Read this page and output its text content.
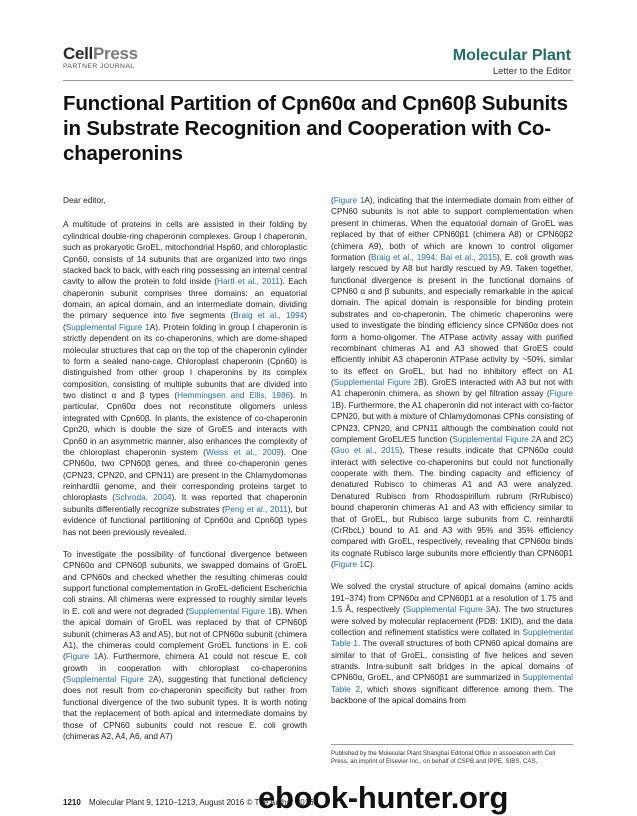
CellPress
PARTNER JOURNAL
Molecular Plant
Letter to the Editor
Functional Partition of Cpn60α and Cpn60β Subunits in Substrate Recognition and Cooperation with Co-chaperonins

Dear editor,

A multitude of proteins in cells are assisted in their folding by cylindrical double-ring chaperonin complexes. Group I chaperonin, such as prokaryotic GroEL, mitochondrial Hsp60, and chloroplastic Cpn60, consists of 14 subunits that are organized into two rings stacked back to back, with each ring possessing an internal central cavity to allow the protein to fold inside (Hartl et al., 2011). Each chaperonin subunit comprises three domains: an equatorial domain, an apical domain, and an intermediate domain, dividing the primary sequence into five segments (Braig et al., 1994) (Supplemental Figure 1A). Protein folding in group I chaperonin is strictly dependent on its co-chaperonins, which are dome-shaped molecular structures that cap on the top of the chaperonin cylinder to form a sealed nano-cage. Chloroplast chaperonin (Cpn60) is distinguished from other group I chaperonins by its complex composition, consisting of multiple subunits that are divided into two distinct α and β types (Hemmingsen and Ellis, 1986). In particular, Cpn60α does not reconstitute oligomers unless integrated with Cpn60β. In plants, the existence of co-chaperonin Cpn20, which is double the size of GroES and interacts with Cpn60 in an asymmetric manner, also enhances the complexity of the chloroplast chaperonin system (Weiss et al., 2009). One CPN60α, two CPN60β genes, and three co-chaperonin genes (CPN23, CPN20, and CPN11) are present in the Chlamydomonas reinhardtii genome, and their corresponding proteins target to chloroplasts (Schroda, 2004). It was reported that chaperonin subunits differentially recognize substrates (Peng et al., 2011), but evidence of functional partitioning of Cpn60α and Cpn60β types has not been previously revealed.

To investigate the possibility of functional divergence between CPN60α and CPN60β subunits, we swapped domains of GroEL and CPN60s and checked whether the resulting chimeras could support functional complementation in GroEL-deficient Escherichia coli strains. All chimeras were expressed to roughly similar levels in E. coli and were not degraded (Supplemental Figure 1B). When the apical domain of GroEL was replaced by that of CPN60β subunit (chimeras A3 and A5), but not of CPN60α subunit (chimera A1), the chimeras could complement GroEL functions in E. coli (Figure 1A). Furthermore, chimera A1 could not rescue E. coli growth in cooperation with chloroplast co-chaperonins (Supplemental Figure 2A), suggesting that functional deficiency does not result from co-chaperonin specificity but rather from functional divergence of the two subunit types. It is worth noting that the replacement of both apical and intermediate domains by those of CPN60 subunits could not rescue E. coli growth (chimeras A2, A4, A6, and A7)

(Figure 1A), indicating that the intermediate domain from either of CPN60 subunits is not able to support complementation when present in chimeras. When the equatorial domain of GroEL was replaced by that of either CPN60β1 (chimera A8) or CPN60β2 (chimera A9), both of which are known to control oligomer formation (Braig et al., 1994; Bai et al., 2015), E. coli growth was largely rescued by A8 but hardly rescued by A9. Taken together, functional divergence is present in the functional domains of CPN60 α and β subunits, and especially remarkable in the apical domain. The apical domain is responsible for binding protein substrates and co-chaperonin. The chimeric chaperonins were used to investigate the binding efficiency since CPN60α does not form a homo-oligomer. The ATPase activity assay with purified recombinant chimeras A1 and A3 showed that GroES could efficiently inhibit A3 chaperonin ATPase activity by ~50%, similar to its effect on GroEL, but had no inhibitory effect on A1 (Supplemental Figure 2B). GroES interacted with A3 but not with A1 chaperonin chimera, as shown by gel filtration assay (Figure 1B). Furthermore, the A1 chaperonin did not interact with co-factor CPN20, but with a mixture of Chlamydomonas CPNs consisting of CPN23, CPN20, and CPN11 although the combination could not complement GroEL/ES function (Supplemental Figure 2A and 2C) (Guo et al., 2015). These results indicate that CPN60α could interact with selective co-chaperonins but could not functionally cooperate with them. The binding capacity and efficiency of denatured Rubisco to chimeras A1 and A3 were analyzed. Denatured Rubisco from Rhodospirillum rubrum (RrRubisco) bound chaperonin chimeras A1 and A3 with efficiency similar to that of GroEL, but Rubisco large subunits from C. reinhardtii (CrRbcL) bound to A1 and A3 with 95% and 35% efficiency compared with GroEL, respectively, revealing that CPN60α binds its cognate Rubisco large subunits more efficiently than CPN60β1 (Figure 1C).

We solved the crystal structure of apical domains (amino acids 191–374) from CPN60α and CPN60β1 at a resolution of 1.75 and 1.5 Å, respectively (Supplemental Figure 3A). The two structures were solved by molecular replacement (PDB: 1KID), and the data collection and refinement statistics were collated in Supplemental Table 1. The overall structures of both CPN60 apical domains are similar to that of GroEL, consisting of five helices and seven strands. Intra-subunit salt bridges in the apical domains of CPN60α, GroEL, and CPN60β1 are summarized in Supplemental Table 2, which shows significant difference among them. The backbone of the apical domains from

Published by the Molecular Plant Shanghai Editorial Office in association with Cell Press, an imprint of Elsevier Inc., on behalf of CSPB and IPPE, SIBS, CAS.
1210 Molecular Plant 9, 1210–1213, August 2016 © The Author 2016.
ebook-hunter.org
